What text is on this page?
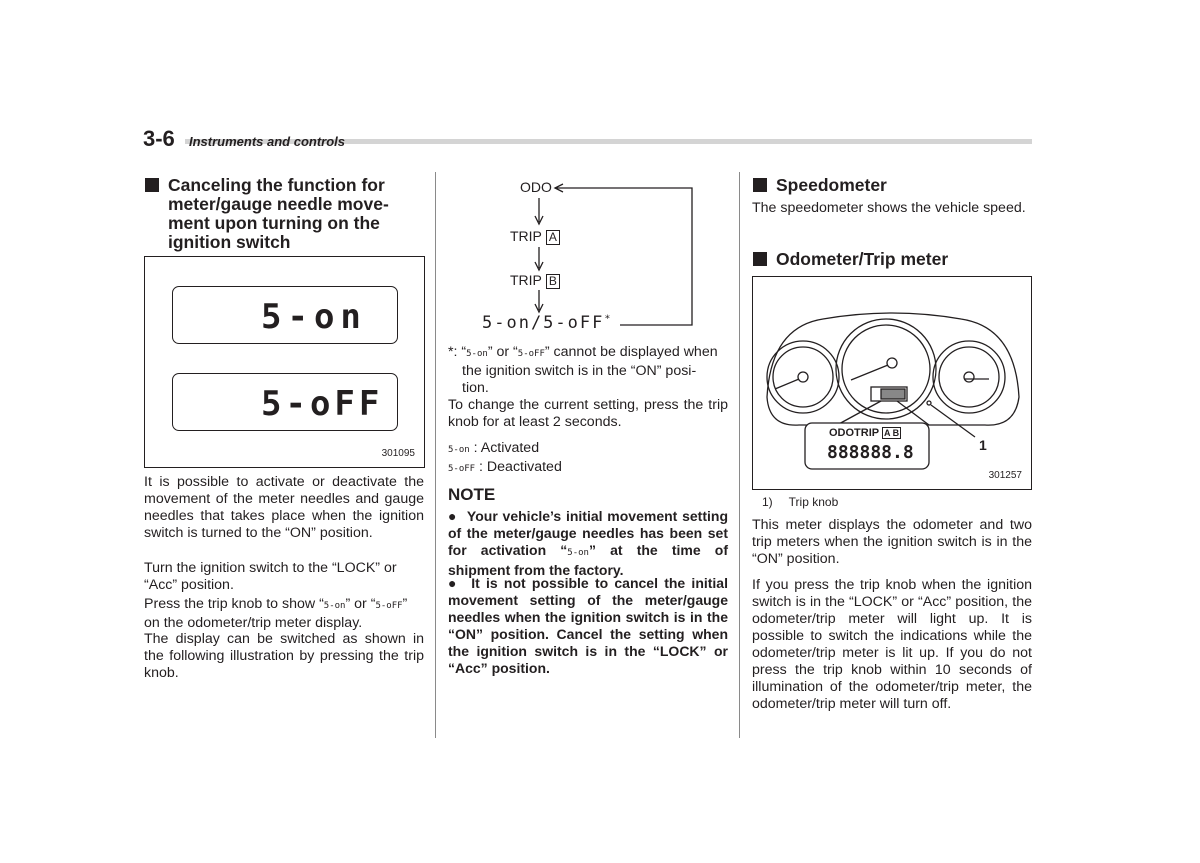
3-6 Instruments and controls
Canceling the function for
meter/gauge needle move-
ment upon turning on the
ignition switch
5-on
5-oFF
301095
It is possible to activate or deactivate the movement of the meter needles and gauge needles that takes place when the ignition switch is turned to the “ON” position.
Turn the ignition switch to the “LOCK” or “Acc” position.
Press the trip knob to show “5-on” or “5-oFF” on the odometer/trip meter display.
The display can be switched as shown in the following illustration by pressing the trip knob.
ODO
TRIP A
TRIP B
5-on/5-oFF*
*: “5-on” or “5-oFF” cannot be displayed when
the ignition switch is in the “ON” posi-
tion.
To change the current setting, press the trip knob for at least 2 seconds.
5-on : Activated
5-oFF : Deactivated
NOTE
●  Your vehicle’s initial movement setting of the meter/gauge needles has been set for activation “5-on” at the time of shipment from the factory.
●  It is not possible to cancel the initial movement setting of the meter/gauge needles when the ignition switch is in the “ON” position. Cancel the setting when the ignition switch is in the “LOCK” or “Acc” position.
Speedometer
The speedometer shows the vehicle speed.
Odometer/Trip meter
ODOTRIP A B
888888.8	1
301257
1) Trip knob
This meter displays the odometer and two trip meters when the ignition switch is in the “ON” position.
If you press the trip knob when the ignition switch is in the “LOCK” or “Acc” position, the odometer/trip meter will light up. It is possible to switch the indications while the odometer/trip meter is lit up. If you do not press the trip knob within 10 seconds of illumination of the odometer/trip meter, the odometer/trip meter will turn off.
